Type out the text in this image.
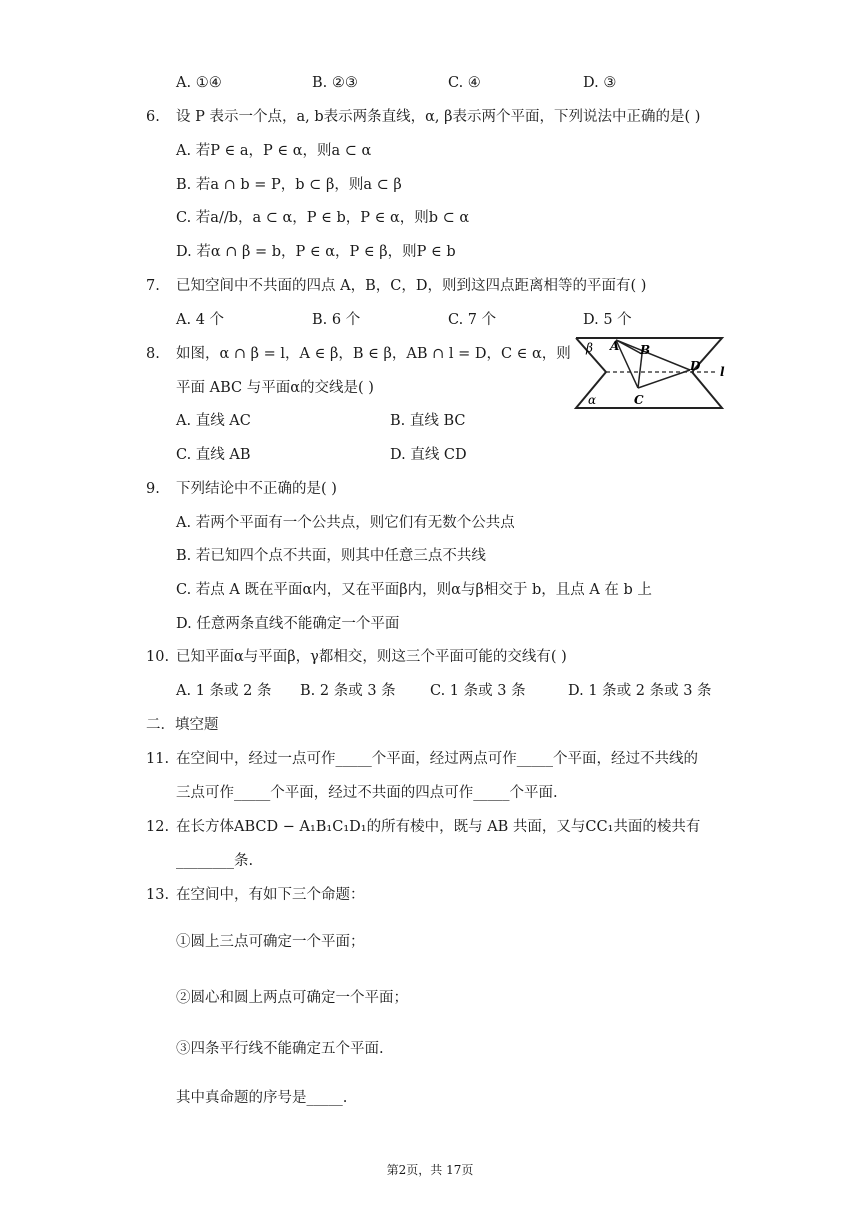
A. ①④	B. ②③	C. ④	D. ③
6. 设 P 表示一个点，a, b表示两条直线，α, β表示两个平面，下列说法中正确的是( )
A. 若P ∈ a，P ∈ α，则a ⊂ α
B. 若a ∩ b = P，b ⊂ β，则a ⊂ β
C. 若a//b，a ⊂ α，P ∈ b，P ∈ α，则b ⊂ α
D. 若α ∩ β = b，P ∈ α，P ∈ β，则P ∈ b
7. 已知空间中不共面的四点 A，B，C，D，则到这四点距离相等的平面有( )
A. 4 个	B. 6 个	C. 7 个	D. 5 个
8. 如图，α ∩ β = l，A ∈ β，B ∈ β，AB ∩ l = D，C ∈ α，则
平面 ABC 与平面α的交线是( )
A. 直线 AC	B. 直线 BC
C. 直线 AB	D. 直线 CD
β
α
A B
C
D l
9. 下列结论中不正确的是( )
A. 若两个平面有一个公共点，则它们有无数个公共点
B. 若已知四个点不共面，则其中任意三点不共线
C. 若点 A 既在平面α内，又在平面β内，则α与β相交于 b，且点 A 在 b 上
D. 任意两条直线不能确定一个平面
10. 已知平面α与平面β，γ都相交，则这三个平面可能的交线有( )
A. 1 条或 2 条 B. 2 条或 3 条 C. 1 条或 3 条	D. 1 条或 2 条或 3 条
二．填空题
11. 在空间中，经过一点可作_____个平面，经过两点可作_____个平面，经过不共线的
三点可作_____个平面，经过不共面的四点可作_____个平面.
12. 在长方体ABCD − A₁B₁C₁D₁的所有棱中，既与 AB 共面，又与CC₁共面的棱共有
________条.
13. 在空间中，有如下三个命题：
①圆上三点可确定一个平面；
②圆心和圆上两点可确定一个平面；
③四条平行线不能确定五个平面.
其中真命题的序号是_____.
第2页，共 17页
